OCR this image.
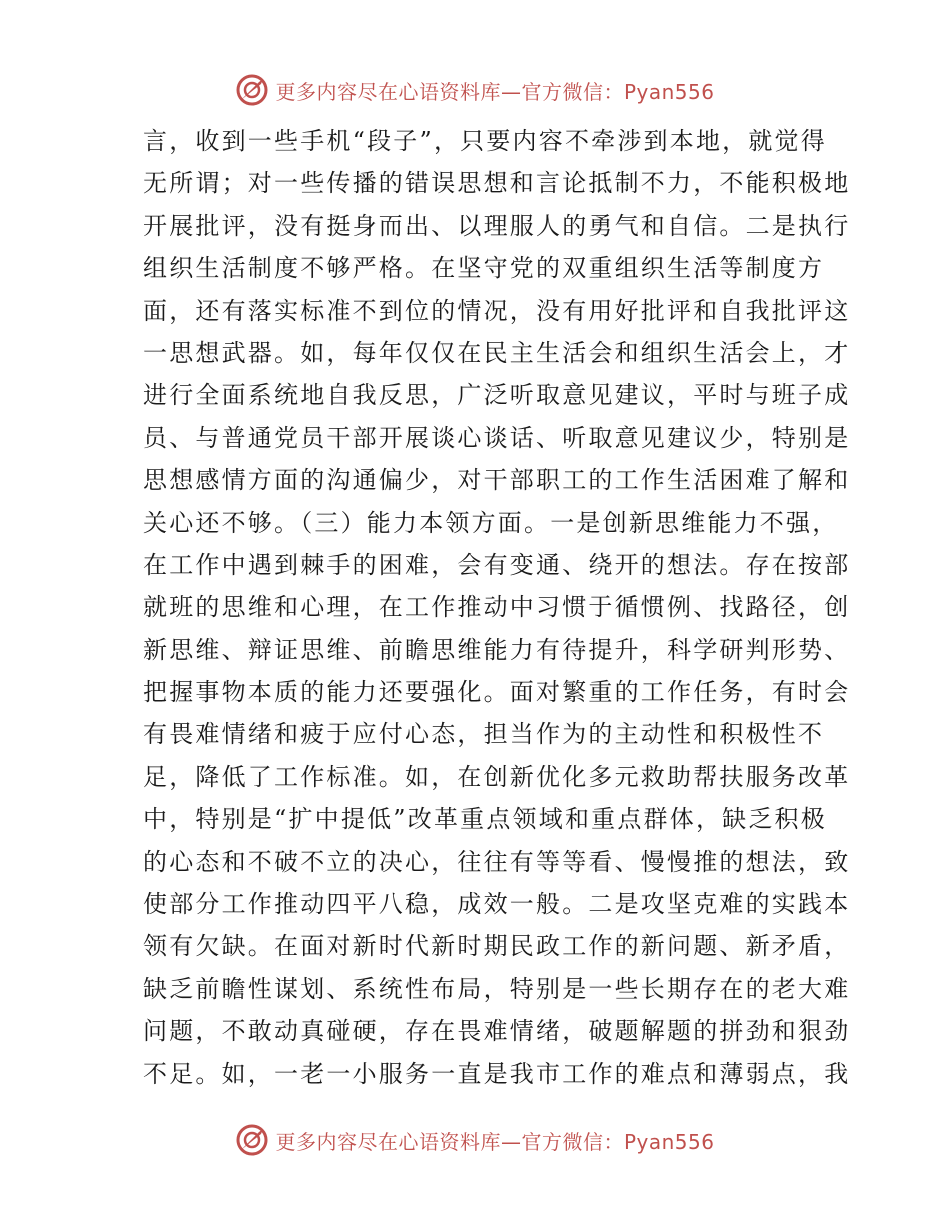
更多内容尽在心语资料库—官方微信：Pyan556
言，收到一些手机“段子”，只要内容不牵涉到本地，就觉得
无所谓；对一些传播的错误思想和言论抵制不力，不能积极地
开展批评，没有挺身而出、以理服人的勇气和自信。二是执行
组织生活制度不够严格。在坚守党的双重组织生活等制度方
面，还有落实标准不到位的情况，没有用好批评和自我批评这
一思想武器。如，每年仅仅在民主生活会和组织生活会上，才
进行全面系统地自我反思，广泛听取意见建议，平时与班子成
员、与普通党员干部开展谈心谈话、听取意见建议少，特别是
思想感情方面的沟通偏少，对干部职工的工作生活困难了解和
关心还不够。（三）能力本领方面。一是创新思维能力不强，
在工作中遇到棘手的困难，会有变通、绕开的想法。存在按部
就班的思维和心理，在工作推动中习惯于循惯例、找路径，创
新思维、辩证思维、前瞻思维能力有待提升，科学研判形势、
把握事物本质的能力还要强化。面对繁重的工作任务，有时会
有畏难情绪和疲于应付心态，担当作为的主动性和积极性不
足，降低了工作标准。如，在创新优化多元救助帮扶服务改革
中，特别是“扩中提低”改革重点领域和重点群体，缺乏积极
的心态和不破不立的决心，往往有等等看、慢慢推的想法，致
使部分工作推动四平八稳，成效一般。二是攻坚克难的实践本
领有欠缺。在面对新时代新时期民政工作的新问题、新矛盾，
缺乏前瞻性谋划、系统性布局，特别是一些长期存在的老大难
问题，不敢动真碰硬，存在畏难情绪，破题解题的拼劲和狠劲
不足。如，一老一小服务一直是我市工作的难点和薄弱点，我
更多内容尽在心语资料库—官方微信：Pyan556
